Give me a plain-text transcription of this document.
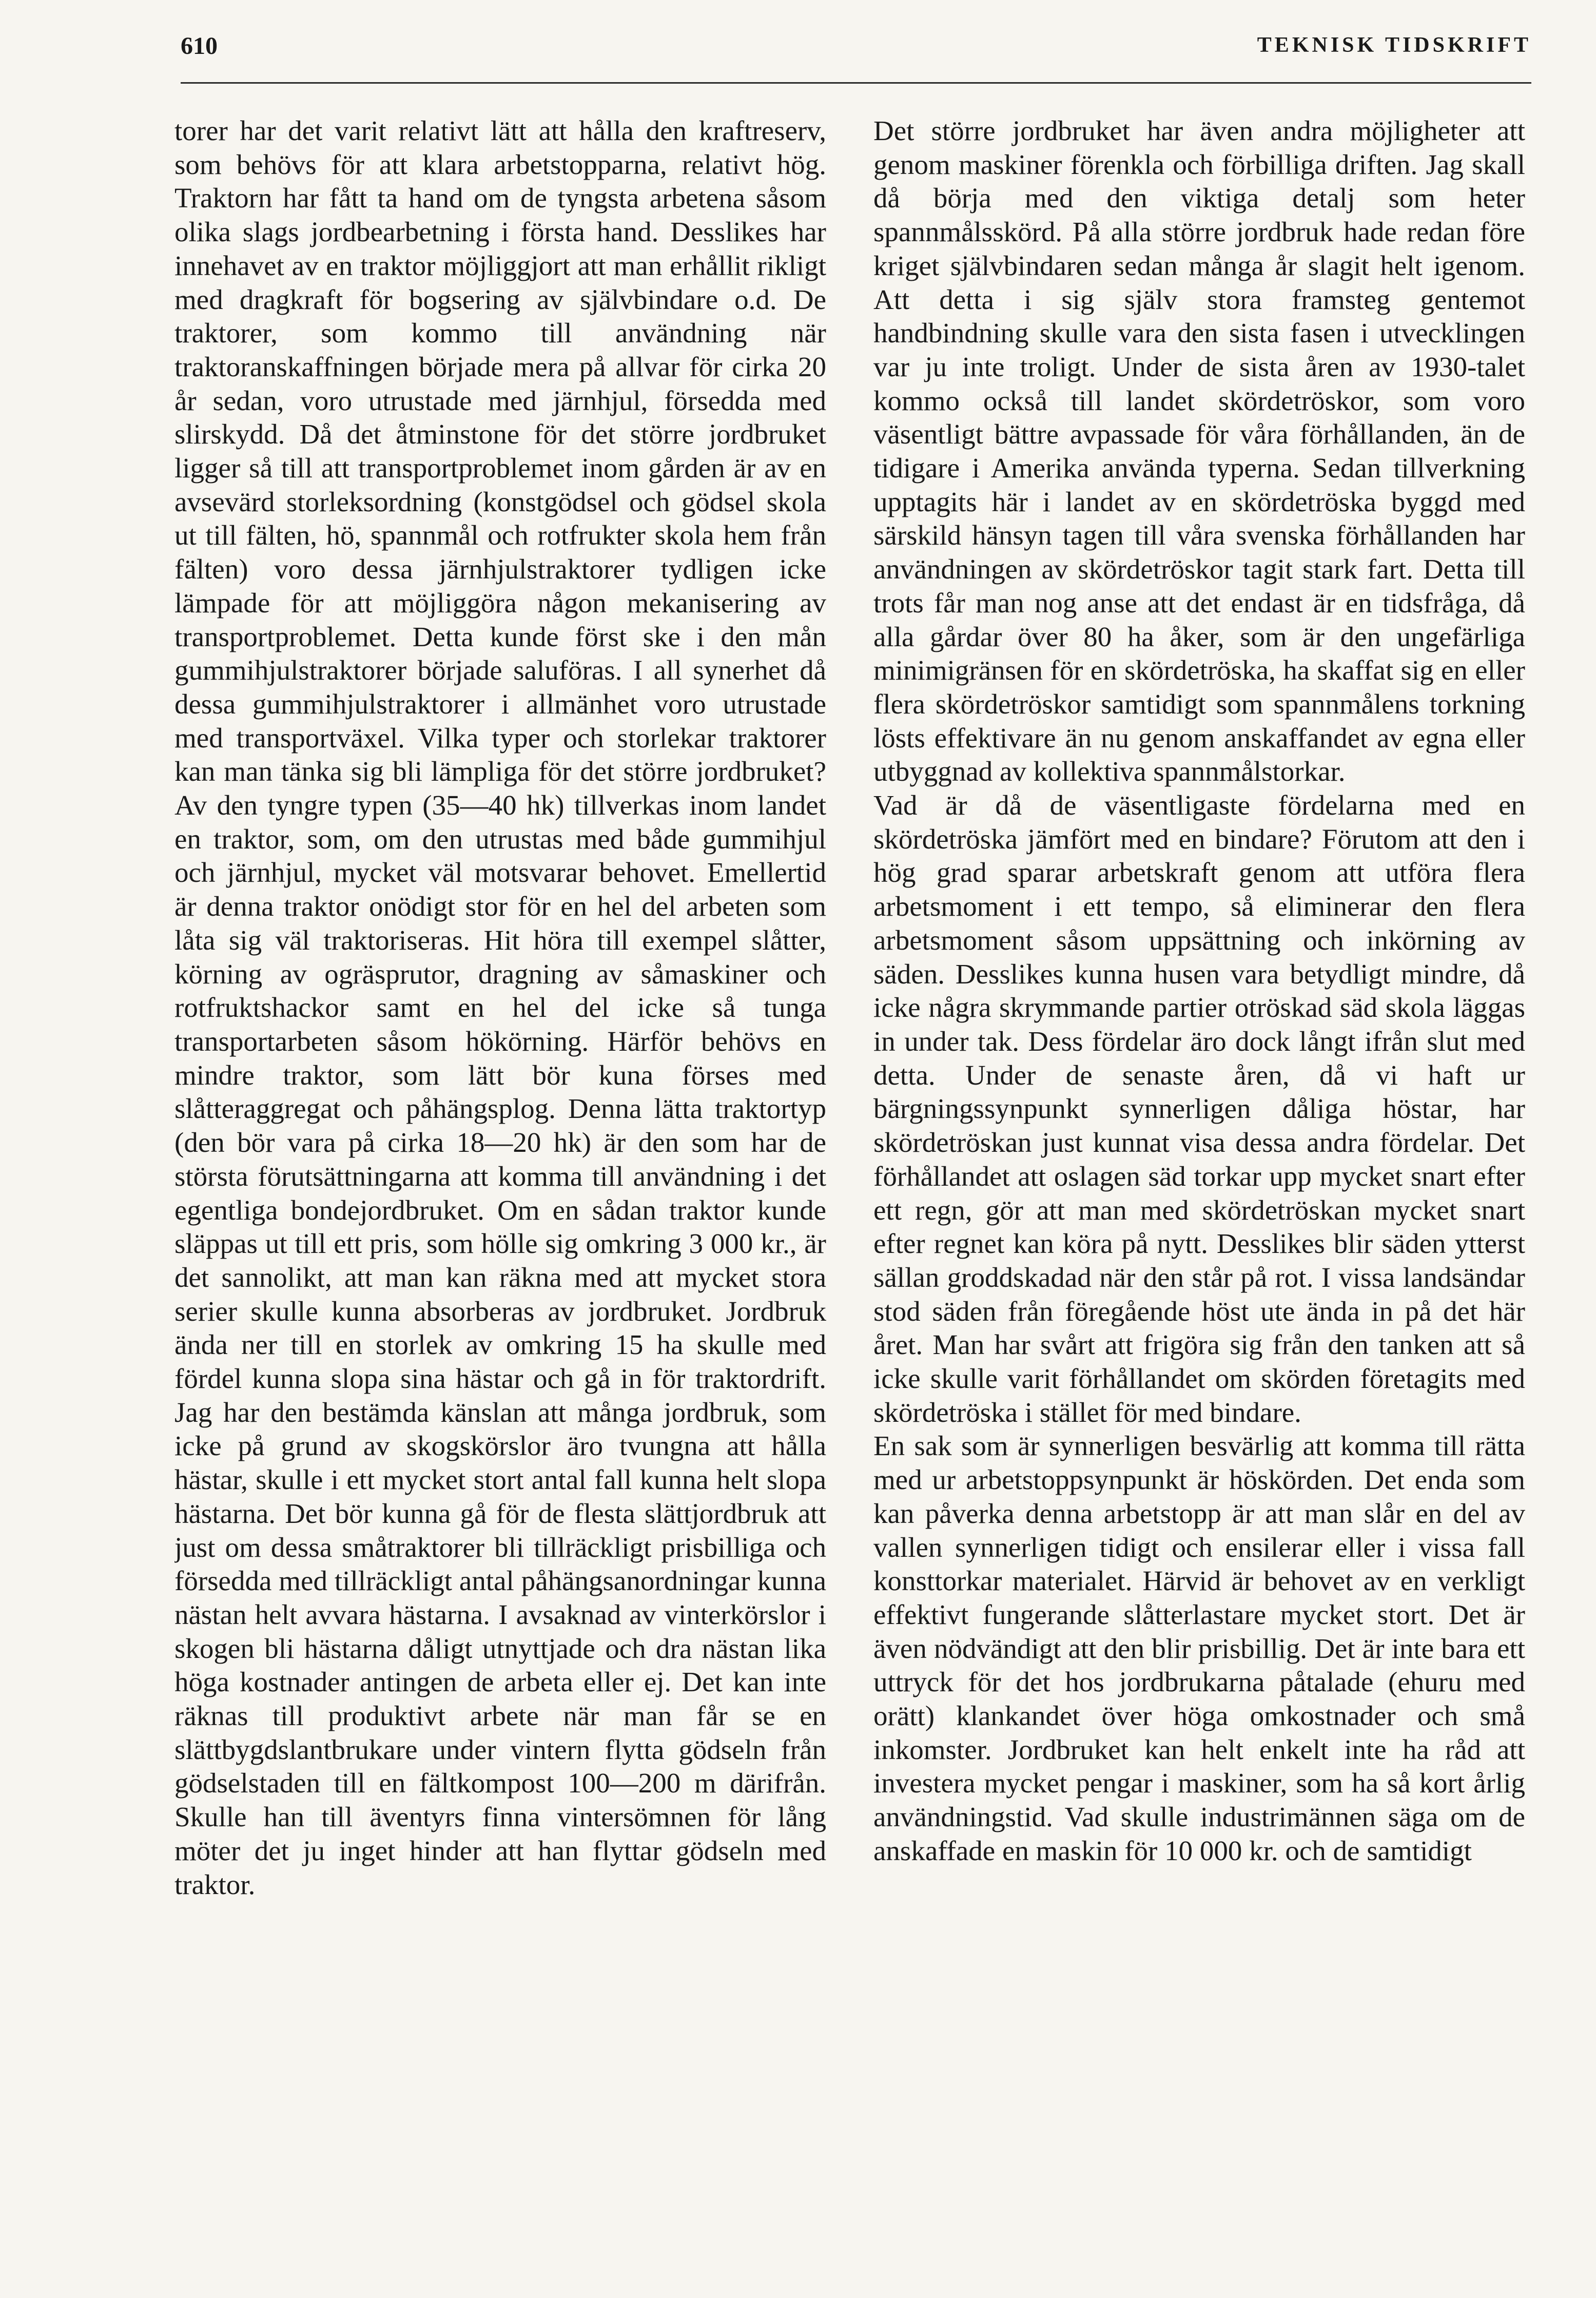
610	TEKNISK TIDSKRIFT

torer har det varit relativt lätt att hålla den kraftreserv, som behövs för att klara arbetstopparna, relativt hög. Traktorn har fått ta hand om de tyngsta arbetena såsom olika slags jordbearbetning i första hand. Desslikes har innehavet av en traktor möjliggjort att man erhållit rikligt med dragkraft för bogsering av självbindare o.d. De traktorer, som kommo till användning när traktoranskaffningen började mera på allvar för cirka 20 år sedan, voro utrustade med järnhjul, försedda med slirskydd. Då det åtminstone för det större jordbruket ligger så till att transportproblemet inom gården är av en avsevärd storleksordning (konstgödsel och gödsel skola ut till fälten, hö, spannmål och rotfrukter skola hem från fälten) voro dessa järnhjulstraktorer tydligen icke lämpade för att möjliggöra någon mekanisering av transportproblemet. Detta kunde först ske i den mån gummihjulstraktorer började saluföras. I all synerhet då dessa gummihjulstraktorer i allmänhet voro utrustade med transportväxel. Vilka typer och storlekar traktorer kan man tänka sig bli lämpliga för det större jordbruket? Av den tyngre typen (35—40 hk) tillverkas inom landet en traktor, som, om den utrustas med både gummihjul och järnhjul, mycket väl motsvarar behovet. Emellertid är denna traktor onödigt stor för en hel del arbeten som låta sig väl traktoriseras. Hit höra till exempel slåtter, körning av ogräsprutor, dragning av såmaskiner och rotfruktshackor samt en hel del icke så tunga transportarbeten såsom hökörning. Härför behövs en mindre traktor, som lätt bör kuna förses med slåtteraggregat och påhängsplog. Denna lätta traktortyp (den bör vara på cirka 18—20 hk) är den som har de största förutsättningarna att komma till användning i det egentliga bondejordbruket. Om en sådan traktor kunde släppas ut till ett pris, som hölle sig omkring 3 000 kr., är det sannolikt, att man kan räkna med att mycket stora serier skulle kunna absorberas av jordbruket. Jordbruk ända ner till en storlek av omkring 15 ha skulle med fördel kunna slopa sina hästar och gå in för traktordrift. Jag har den bestämda känslan att många jordbruk, som icke på grund av skogskörslor äro tvungna att hålla hästar, skulle i ett mycket stort antal fall kunna helt slopa hästarna. Det bör kunna gå för de flesta slättjordbruk att just om dessa småtraktorer bli tillräckligt prisbilliga och försedda med tillräckligt antal påhängsanordningar kunna nästan helt avvara hästarna. I avsaknad av vinterkörslor i skogen bli hästarna dåligt utnyttjade och dra nästan lika höga kostnader antingen de arbeta eller ej. Det kan inte räknas till produktivt arbete när man får se en slättbygdslantbrukare under vintern flytta gödseln från gödselstaden till en fältkompost 100—200 m därifrån. Skulle han till äventyrs finna vintersömnen för lång möter det ju inget hinder att han flyttar gödseln med traktor.

Det större jordbruket har även andra möjligheter att genom maskiner förenkla och förbilliga driften. Jag skall då börja med den viktiga detalj som heter spannmålsskörd. På alla större jordbruk hade redan före kriget självbindaren sedan många år slagit helt igenom. Att detta i sig själv stora framsteg gentemot handbindning skulle vara den sista fasen i utvecklingen var ju inte troligt. Under de sista åren av 1930-talet kommo också till landet skördetröskor, som voro väsentligt bättre avpassade för våra förhållanden, än de tidigare i Amerika använda typerna. Sedan tillverkning upptagits här i landet av en skördetröska byggd med särskild hänsyn tagen till våra svenska förhållanden har användningen av skördetröskor tagit stark fart. Detta till trots får man nog anse att det endast är en tidsfråga, då alla gårdar över 80 ha åker, som är den ungefärliga minimigränsen för en skördetröska, ha skaffat sig en eller flera skördetröskor samtidigt som spannmålens torkning lösts effektivare än nu genom anskaffandet av egna eller utbyggnad av kollektiva spannmålstorkar.

Vad är då de väsentligaste fördelarna med en skördetröska jämfört med en bindare? Förutom att den i hög grad sparar arbetskraft genom att utföra flera arbetsmoment i ett tempo, så eliminerar den flera arbetsmoment såsom uppsättning och inkörning av säden. Desslikes kunna husen vara betydligt mindre, då icke några skrymmande partier otröskad säd skola läggas in under tak. Dess fördelar äro dock långt ifrån slut med detta. Under de senaste åren, då vi haft ur bärgningssynpunkt synnerligen dåliga höstar, har skördetröskan just kunnat visa dessa andra fördelar. Det förhållandet att oslagen säd torkar upp mycket snart efter ett regn, gör att man med skördetröskan mycket snart efter regnet kan köra på nytt. Desslikes blir säden ytterst sällan groddskadad när den står på rot. I vissa landsändar stod säden från föregående höst ute ända in på det här året. Man har svårt att frigöra sig från den tanken att så icke skulle varit förhållandet om skörden företagits med skördetröska i stället för med bindare.

En sak som är synnerligen besvärlig att komma till rätta med ur arbetstoppsynpunkt är höskörden. Det enda som kan påverka denna arbetstopp är att man slår en del av vallen synnerligen tidigt och ensilerar eller i vissa fall konsttorkar materialet. Härvid är behovet av en verkligt effektivt fungerande slåtterlastare mycket stort. Det är även nödvändigt att den blir prisbillig. Det är inte bara ett uttryck för det hos jordbrukarna påtalade (ehuru med orätt) klankandet över höga omkostnader och små inkomster. Jordbruket kan helt enkelt inte ha råd att investera mycket pengar i maskiner, som ha så kort årlig användningstid. Vad skulle industrimännen säga om de anskaffade en maskin för 10 000 kr. och de samtidigt
